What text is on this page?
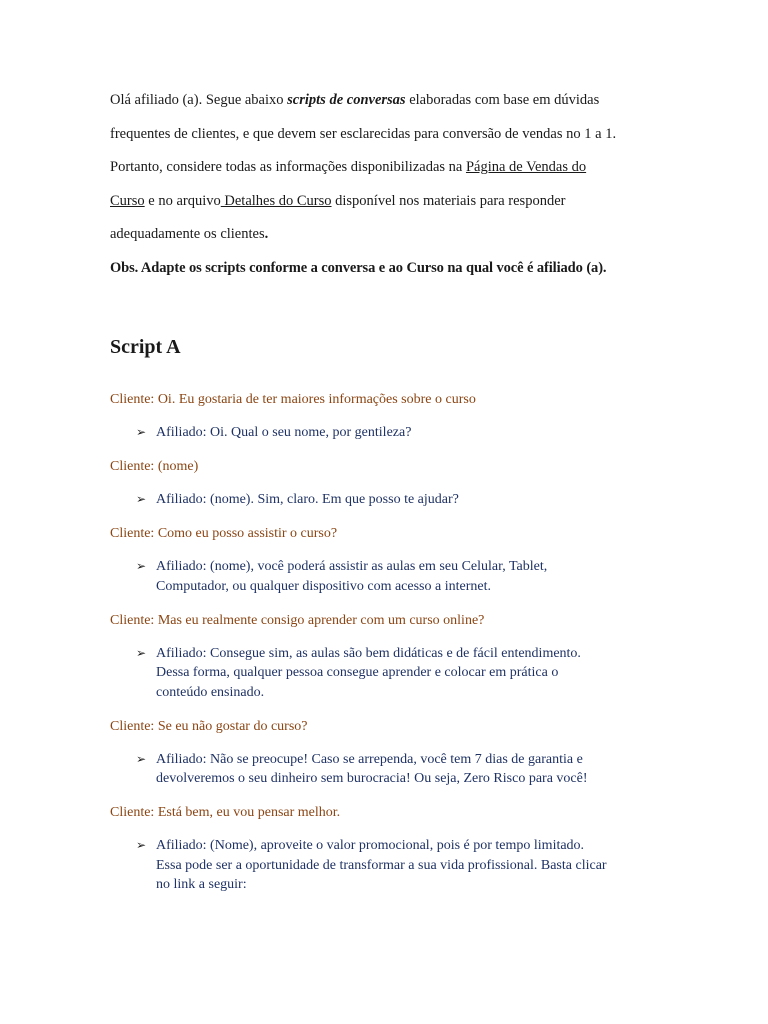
Olá afiliado (a). Segue abaixo scripts de conversas elaboradas com base em dúvidas

frequentes de clientes, e que devem ser esclarecidas para conversão de vendas no 1 a 1.

Portanto, considere todas as informações disponibilizadas na Página de Vendas do

Curso e no arquivo Detalhes do Curso disponível nos materiais para responder

adequadamente os clientes.

Obs. Adapte os scripts conforme a conversa e ao Curso na qual você é afiliado (a).

Script A

Cliente: Oi. Eu gostaria de ter maiores informações sobre o curso

➢ Afiliado: Oi. Qual o seu nome, por gentileza?

Cliente: (nome)

➢ Afiliado: (nome). Sim, claro. Em que posso te ajudar?

Cliente: Como eu posso assistir o curso?

➢ Afiliado: (nome), você poderá assistir as aulas em seu Celular, Tablet,
Computador, ou qualquer dispositivo com acesso a internet.

Cliente: Mas eu realmente consigo aprender com um curso online?

➢ Afiliado: Consegue sim, as aulas são bem didáticas e de fácil entendimento.
Dessa forma, qualquer pessoa consegue aprender e colocar em prática o
conteúdo ensinado.

Cliente: Se eu não gostar do curso?

➢ Afiliado: Não se preocupe! Caso se arrependa, você tem 7 dias de garantia e
devolveremos o seu dinheiro sem burocracia! Ou seja, Zero Risco para você!

Cliente: Está bem, eu vou pensar melhor.

➢ Afiliado: (Nome), aproveite o valor promocional, pois é por tempo limitado.
Essa pode ser a oportunidade de transformar a sua vida profissional. Basta clicar
no link a seguir:
